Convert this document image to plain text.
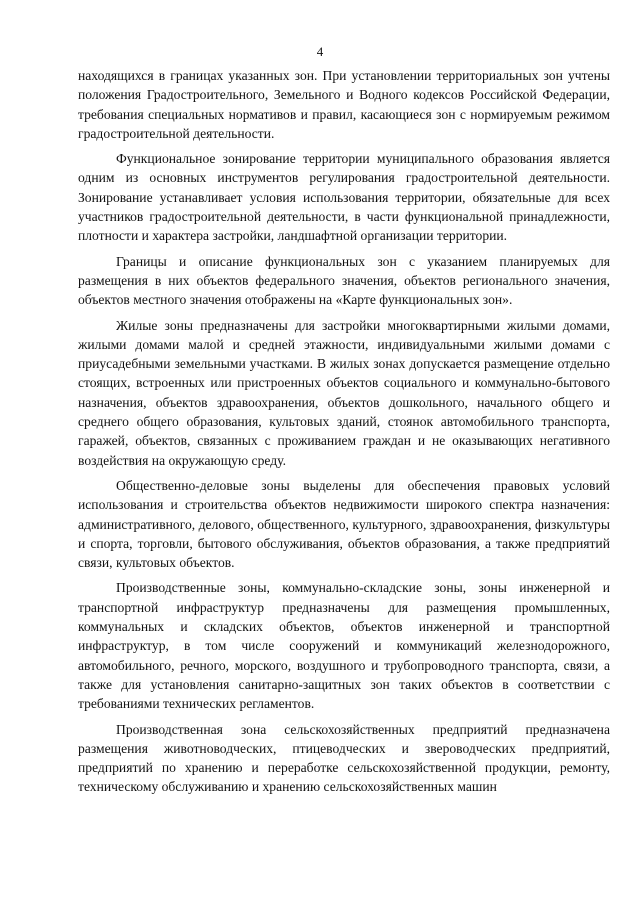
4

находящихся в границах указанных зон. При установлении территориальных зон учтены положения Градостроительного, Земельного и Водного кодексов Российской Федерации, требования специальных нормативов и правил, касающиеся зон с нормируемым режимом градостроительной деятельности.

Функциональное зонирование территории муниципального образования является одним из основных инструментов регулирования градостроительной деятельности. Зонирование устанавливает условия использования территории, обязательные для всех участников градостроительной деятельности, в части функциональной принадлежности, плотности и характера застройки, ландшафтной организации территории.

Границы и описание функциональных зон с указанием планируемых для размещения в них объектов федерального значения, объектов регионального значения, объектов местного значения отображены на «Карте функциональных зон».

Жилые зоны предназначены для застройки многоквартирными жилыми домами, жилыми домами малой и средней этажности, индивидуальными жилыми домами с приусадебными земельными участками. В жилых зонах допускается размещение отдельно стоящих, встроенных или пристроенных объектов социального и коммунально-бытового назначения, объектов здравоохранения, объектов дошкольного, начального общего и среднего общего образования, культовых зданий, стоянок автомобильного транспорта, гаражей, объектов, связанных с проживанием граждан и не оказывающих негативного воздействия на окружающую среду.

Общественно-деловые зоны выделены для обеспечения правовых условий использования и строительства объектов недвижимости широкого спектра назначения: административного, делового, общественного, культурного, здравоохранения, физкультуры и спорта, торговли, бытового обслуживания, объектов образования, а также предприятий связи, культовых объектов.

Производственные зоны, коммунально-складские зоны, зоны инженерной и транспортной инфраструктур предназначены для размещения промышленных, коммунальных и складских объектов, объектов инженерной и транспортной инфраструктур, в том числе сооружений и коммуникаций железнодорожного, автомобильного, речного, морского, воздушного и трубопроводного транспорта, связи, а также для установления санитарно-защитных зон таких объектов в соответствии с требованиями технических регламентов.

Производственная зона сельскохозяйственных предприятий предназначена размещения животноводческих, птицеводческих и звероводческих предприятий, предприятий по хранению и переработке сельскохозяйственной продукции, ремонту, техническому обслуживанию и хранению сельскохозяйственных машин
